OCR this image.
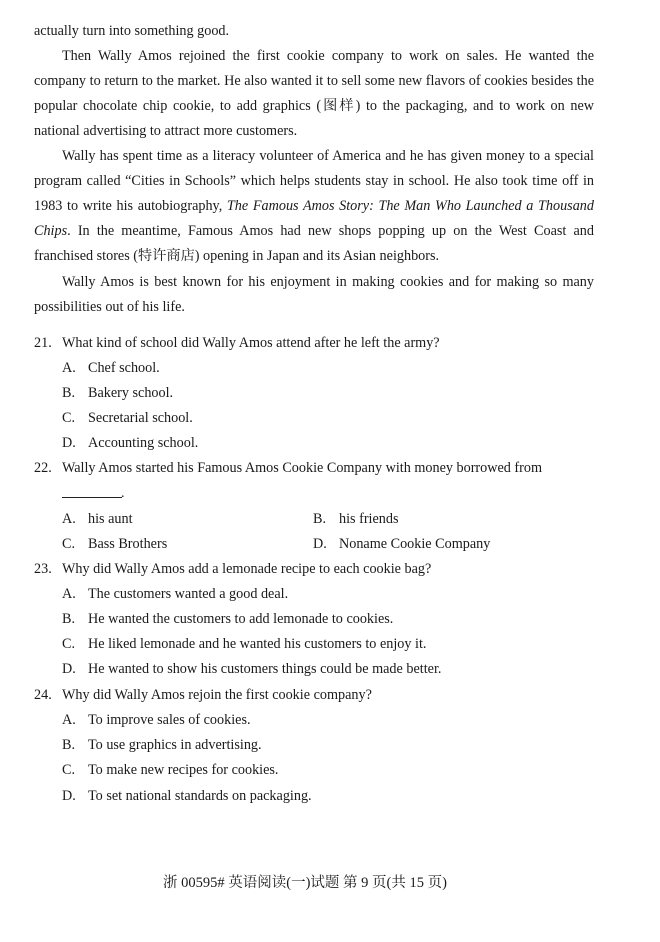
actually turn into something good.

Then Wally Amos rejoined the first cookie company to work on sales. He wanted the company to return to the market. He also wanted it to sell some new flavors of cookies besides the popular chocolate chip cookie, to add graphics (图样) to the packaging, and to work on new national advertising to attract more customers.

Wally has spent time as a literacy volunteer of America and he has given money to a special program called “Cities in Schools” which helps students stay in school. He also took time off in 1983 to write his autobiography, The Famous Amos Story: The Man Who Launched a Thousand Chips. In the meantime, Famous Amos had new shops popping up on the West Coast and franchised stores (特许商店) opening in Japan and its Asian neighbors.

Wally Amos is best known for his enjoyment in making cookies and for making so many possibilities out of his life.

21. What kind of school did Wally Amos attend after he left the army?
A. Chef school.
B. Bakery school.
C. Secretarial school.
D. Accounting school.
22. Wally Amos started his Famous Amos Cookie Company with money borrowed from
.
A. his aunt	B. his friends
C. Bass Brothers	D. Noname Cookie Company
23. Why did Wally Amos add a lemonade recipe to each cookie bag?
A. The customers wanted a good deal.
B. He wanted the customers to add lemonade to cookies.
C. He liked lemonade and he wanted his customers to enjoy it.
D. He wanted to show his customers things could be made better.
24. Why did Wally Amos rejoin the first cookie company?
A. To improve sales of cookies.
B. To use graphics in advertising.
C. To make new recipes for cookies.
D. To set national standards on packaging.
浙 00595# 英语阅读(一)试题 第 9 页(共 15 页)
